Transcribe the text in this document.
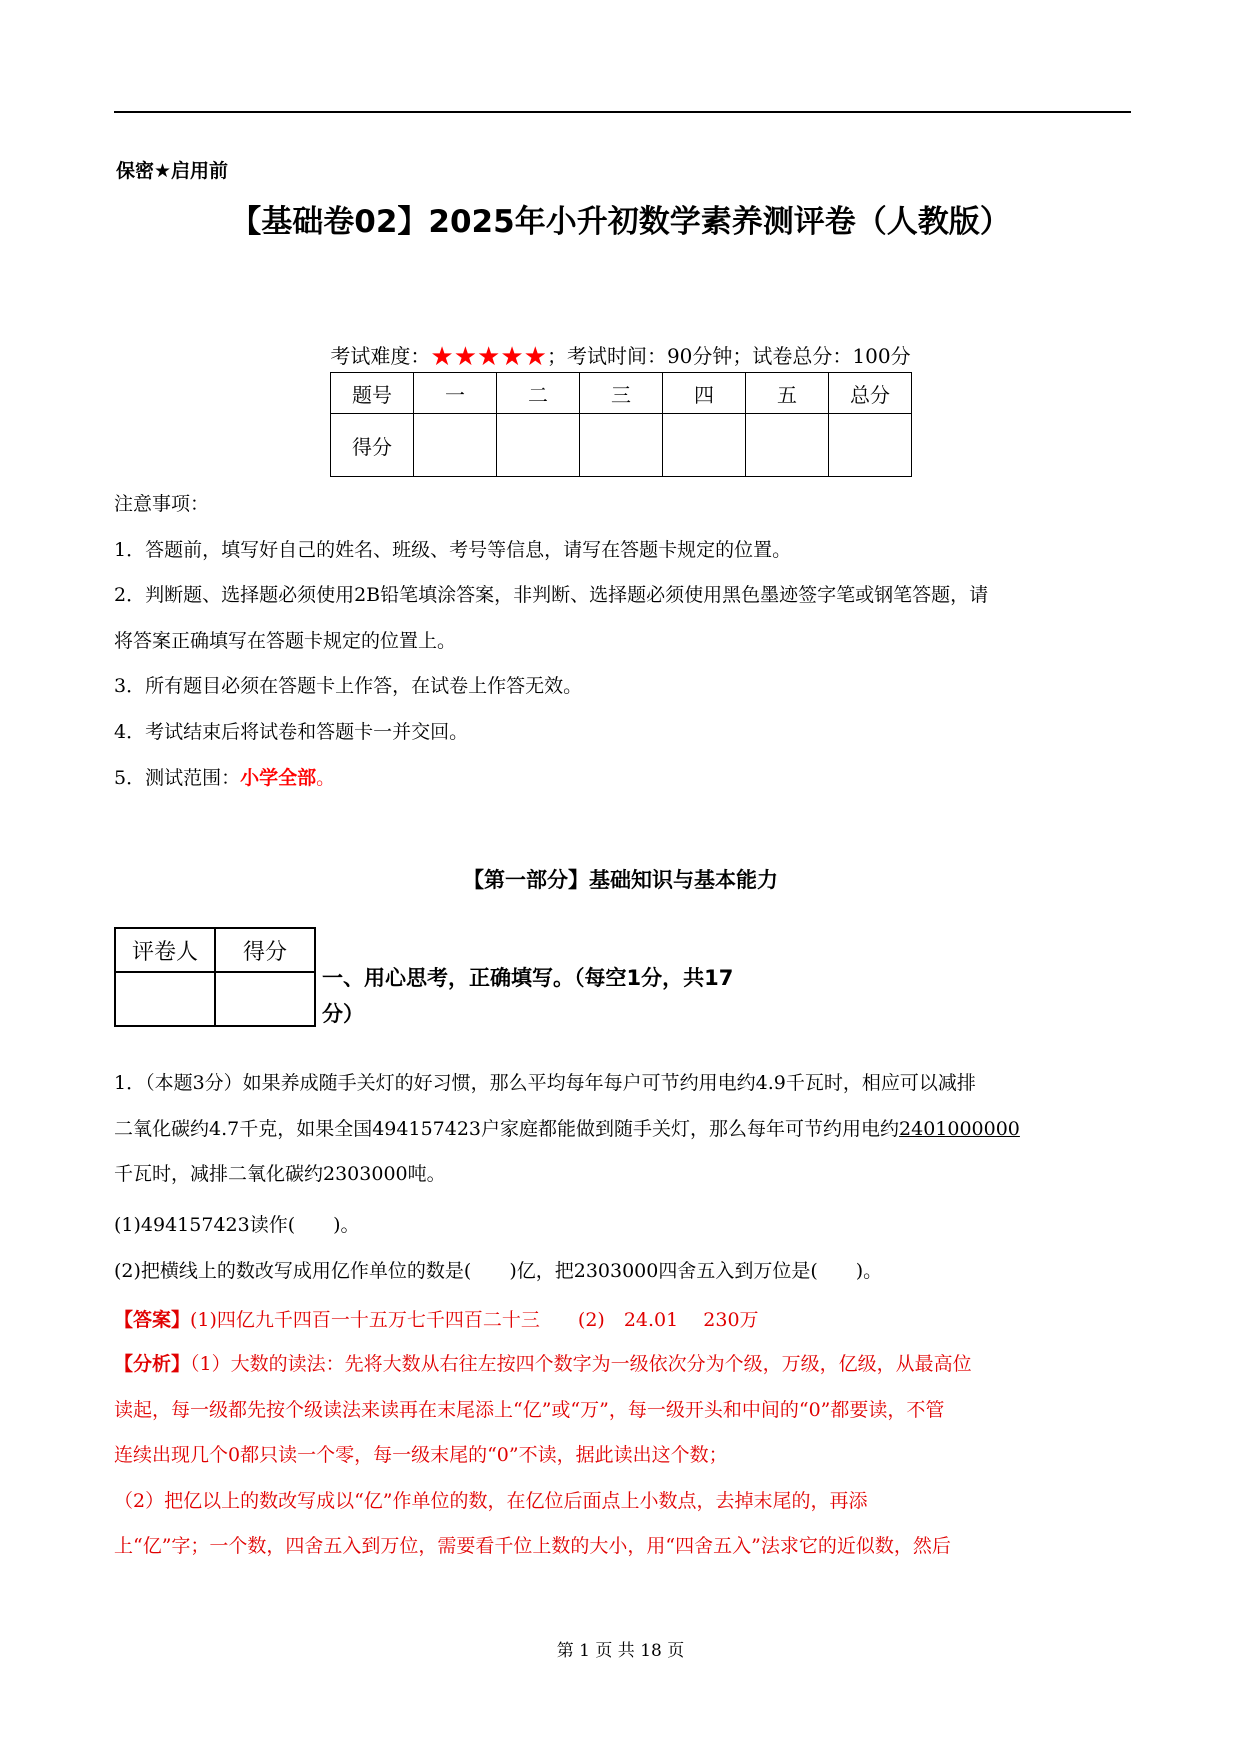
保密★启用前
【基础卷02】2025年小升初数学素养测评卷（人教版）
考试难度：★★★★★；考试时间：90分钟；试卷总分：100分
题号	一	二	三	四	五	总分
得分						
注意事项：
1．答题前，填写好自己的姓名、班级、考号等信息，请写在答题卡规定的位置。
2．判断题、选择题必须使用2B铅笔填涂答案，非判断、选择题必须使用黑色墨迹签字笔或钢笔答题，请
将答案正确填写在答题卡规定的位置上。
3．所有题目必须在答题卡上作答，在试卷上作答无效。
4．考试结束后将试卷和答题卡一并交回。
5．测试范围：小学全部。
【第一部分】基础知识与基本能力
评卷人	得分

一、用心思考，正确填写。（每空1分，共17
分）
1．（本题3分）如果养成随手关灯的好习惯，那么平均每年每户可节约用电约4.9千瓦时，相应可以减排
二氧化碳约4.7千克，如果全国494157423户家庭都能做到随手关灯，那么每年可节约用电约2401000000
千瓦时，减排二氧化碳约2303000吨。
(1)494157423读作(　　)。
(2)把横线上的数改写成用亿作单位的数是(　　)亿，把2303000四舍五入到万位是(　　)。
【答案】(1)四亿九千四百一十五万七千四百二十三　　(2)　24.01　 230万
【分析】（1）大数的读法：先将大数从右往左按四个数字为一级依次分为个级，万级，亿级，从最高位
读起，每一级都先按个级读法来读再在末尾添上“亿”或“万”，每一级开头和中间的“0”都要读，不管
连续出现几个0都只读一个零，每一级末尾的“0”不读，据此读出这个数；
（2）把亿以上的数改写成以“亿”作单位的数，在亿位后面点上小数点，去掉末尾的，再添
上“亿”字；一个数，四舍五入到万位，需要看千位上数的大小，用“四舍五入”法求它的近似数，然后
第 1 页 共 18 页
